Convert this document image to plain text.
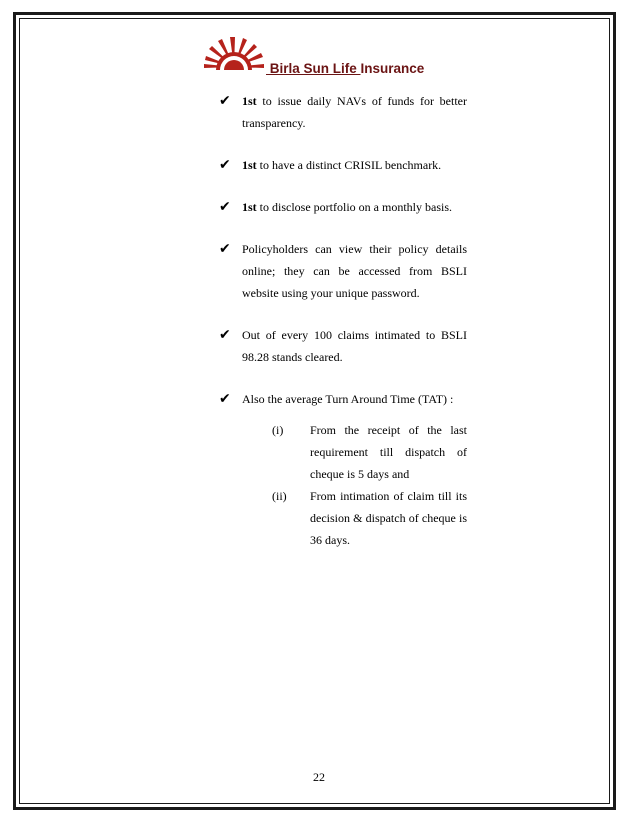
Birla Sun Life Insurance
✔ 1st to issue daily NAVs of funds for better transparency.
✔ 1st to have a distinct CRISIL benchmark.
✔ 1st to disclose portfolio on a monthly basis.
✔ Policyholders can view their policy details online; they can be accessed from BSLI website using your unique password.
✔ Out of every 100 claims intimated to BSLI 98.28 stands cleared.
✔ Also the average Turn Around Time (TAT) :
(i) From the receipt of the last requirement till dispatch of cheque is 5 days and
(ii) From intimation of claim till its decision & dispatch of cheque is 36 days.
22
